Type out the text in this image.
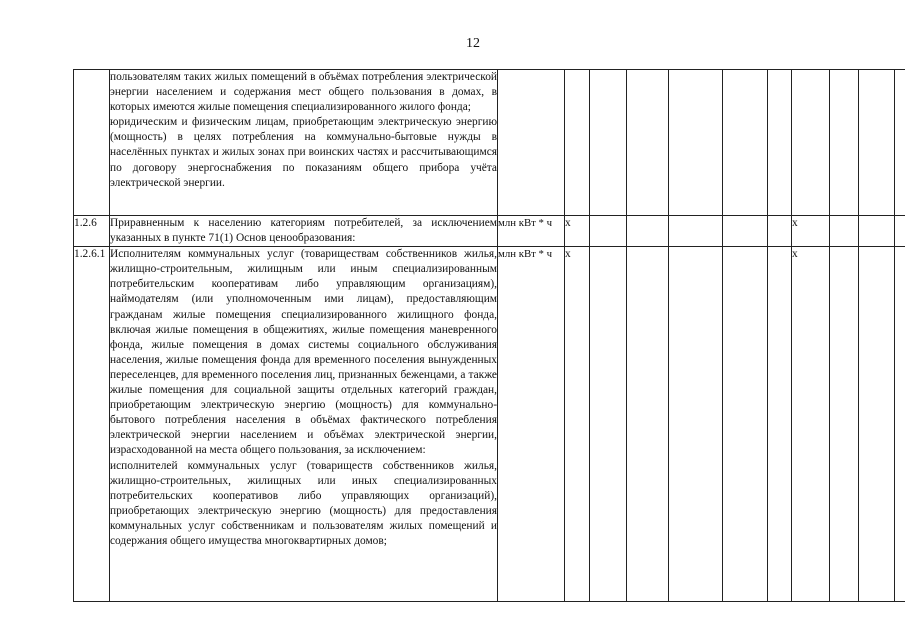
12

	пользователям таких жилых помещений в объёмах потребления электрической энергии населением и содержания мест общего пользования в домах, в которых имеются жилые помещения специализированного жилого фонда;
юридическим и физическим лицам, приобретающим электрическую энергию (мощность) в целях потребления на коммунально-бытовые нужды в населённых пунктах и жилых зонах при воинских частях и рассчитывающимся по договору энергоснабжения по показаниям общего прибора учёта электрической энергии.											

1.2.6	Приравненным к населению категориям потребителей, за исключением указанных в пункте 71(1) Основ ценообразования:	млн кВт * ч	х						х			
1.2.6.1	Исполнителям коммунальных услуг (товариществам собственников жилья, жилищно-строительным, жилищным или иным специализированным потребительским кооперативам либо управляющим организациям), наймодателям (или уполномоченным ими лицам), предоставляющим гражданам жилые помещения специализированного жилищного фонда, включая жилые помещения в общежитиях, жилые помещения маневренного фонда, жилые помещения в домах системы социального обслуживания населения, жилые помещения фонда для временного поселения вынужденных переселенцев, для временного поселения лиц, признанных беженцами, а также жилые помещения для социальной защиты отдельных категорий граждан, приобретающим электрическую энергию (мощность) для коммунально-бытового потребления населения в объёмах фактического потребления электрической энергии населением и объёмах электрической энергии, израсходованной на места общего пользования, за исключением:
исполнителей коммунальных услуг (товариществ собственников жилья, жилищно-строительных, жилищных или иных специализированных потребительских кооперативов либо управляющих организаций), приобретающих электрическую энергию (мощность) для предоставления коммунальных услуг собственникам и пользователям жилых помещений и содержания общего имущества многоквартирных домов;	млн кВт * ч	х						х			
